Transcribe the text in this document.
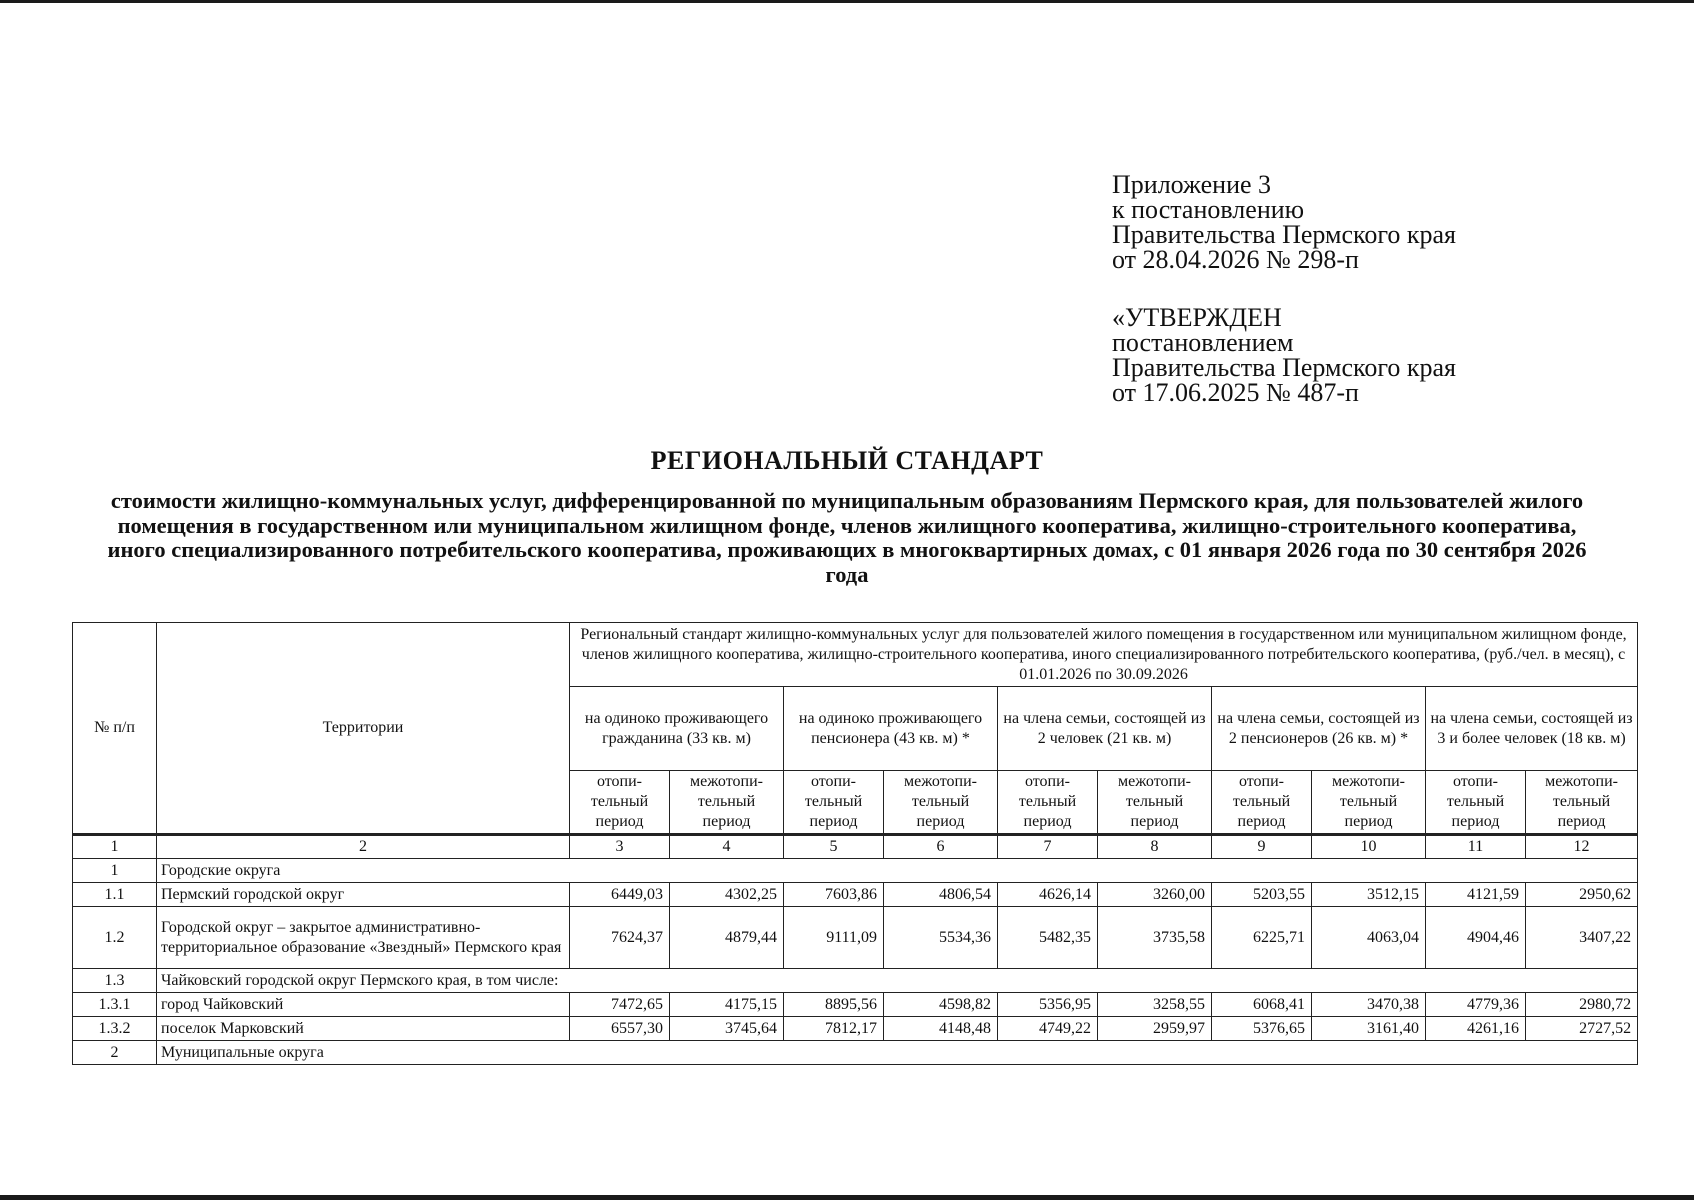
Приложение 3
к постановлению
Правительства Пермского края
от 28.04.2026 № 298-п
«УТВЕРЖДЕН
постановлением
Правительства Пермского края
от 17.06.2025 № 487-п
РЕГИОНАЛЬНЫЙ СТАНДАРТ
стоимости жилищно-коммунальных услуг, дифференцированной по муниципальным образованиям Пермского края, для пользователей жилого помещения в государственном или муниципальном жилищном фонде, членов жилищного кооператива, жилищно-строительного кооператива, иного специализированного потребительского кооператива, проживающих в многоквартирных домах, с 01 января 2026 года по 30 сентября 2026 года
№ п/п	Территории	Региональный стандарт жилищно-коммунальных услуг для пользователей жилого помещения в государственном или муниципальном жилищном фонде, членов жилищного кооператива, жилищно-строительного кооператива, иного специализированного потребительского кооператива, (руб./чел. в месяц), с 01.01.2026 по 30.09.2026									
		на одиноко проживающего гражданина (33 кв. м)		на одиноко проживающего пенсионера (43 кв. м) *		на члена семьи, состоящей из 2 человек (21 кв. м)		на члена семьи, состоящей из 2 пенсионеров (26 кв. м) *		на члена семьи, состоящей из 3 и более человек (18 кв. м)	
		отопи-тельный период	межотопи-тельный период	отопи-тельный период	межотопи-тельный период	отопи-тельный период	межотопи-тельный период	отопи-тельный период	межотопи-тельный период	отопи-тельный период	межотопи-тельный период
1	2	3	4	5	6	7	8	9	10	11	12
1	Городские округа										
1.1	Пермский городской округ	6449,03	4302,25	7603,86	4806,54	4626,14	3260,00	5203,55	3512,15	4121,59	2950,62
1.2	Городской округ – закрытое административно-территориальное образование «Звездный» Пермского края	7624,37	4879,44	9111,09	5534,36	5482,35	3735,58	6225,71	4063,04	4904,46	3407,22
1.3	Чайковский городской округ Пермского края, в том числе:										
1.3.1	город Чайковский	7472,65	4175,15	8895,56	4598,82	5356,95	3258,55	6068,41	3470,38	4779,36	2980,72
1.3.2	поселок Марковский	6557,30	3745,64	7812,17	4148,48	4749,22	2959,97	5376,65	3161,40	4261,16	2727,52
2	Муниципальные округа										
